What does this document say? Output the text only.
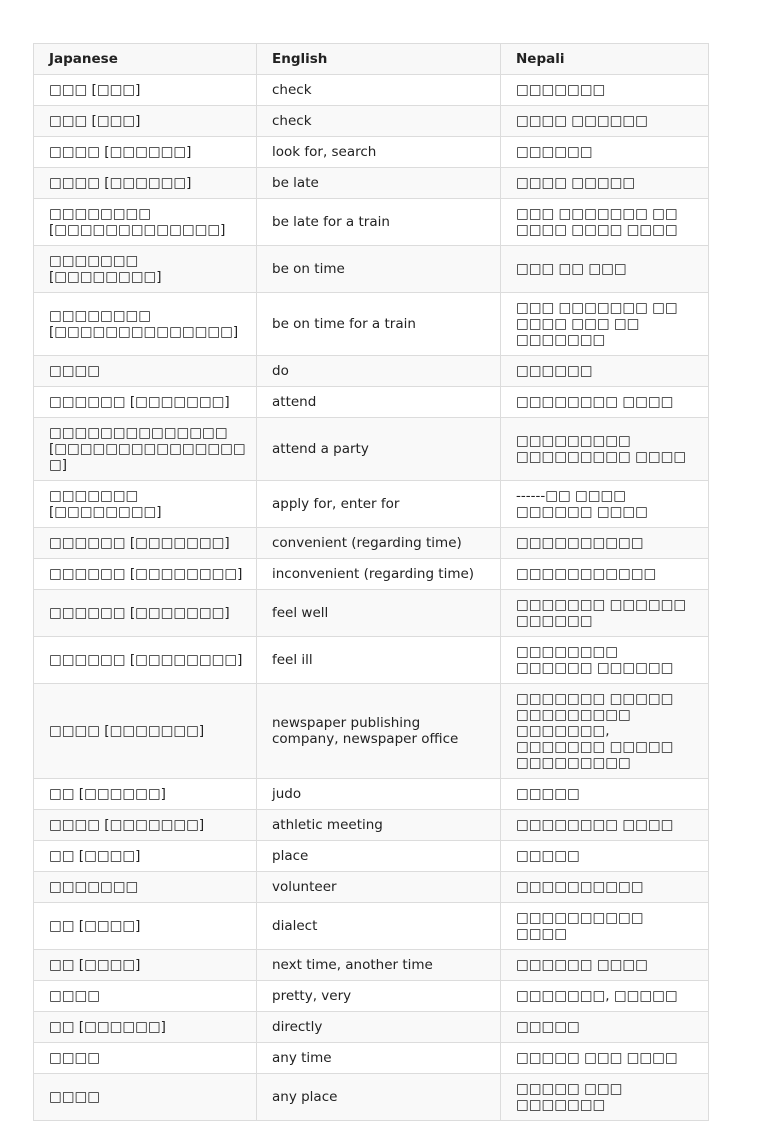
Japanese	English	Nepali
□□□ [□□□]	check	□□□□□□□
□□□ [□□□]	check	□□□□ □□□□□□
□□□□ [□□□□□□]	look for, search	□□□□□□
□□□□ [□□□□□□]	be late	□□□□ □□□□□
□□□□□□□□ [□□□□□□□□□□□□□]	be late for a train	□□□ □□□□□□□ □□ □□□□ □□□□ □□□□
□□□□□□□ [□□□□□□□□]	be on time	□□□ □□ □□□
□□□□□□□□ [□□□□□□□□□□□□□□]	be on time for a train	□□□ □□□□□□□ □□ □□□□ □□□ □□ □□□□□□□
□□□□	do	□□□□□□
□□□□□□ [□□□□□□□]	attend	□□□□□□□□ □□□□
□□□□□□□□□□□□□□ [□□□□□□□□□□□□□□□□]	attend a party	□□□□□□□□□ □□□□□□□□□ □□□□
□□□□□□□ [□□□□□□□□]	apply for, enter for	------□□ □□□□ □□□□□□ □□□□
□□□□□□ [□□□□□□□]	convenient (regarding time)	□□□□□□□□□□
□□□□□□ [□□□□□□□□]	inconvenient (regarding time)	□□□□□□□□□□□
□□□□□□ [□□□□□□□]	feel well	□□□□□□□ □□□□□□ □□□□□□
□□□□□□ [□□□□□□□□]	feel ill	□□□□□□□□ □□□□□□ □□□□□□
□□□□ [□□□□□□□]	newspaper publishing company, newspaper office	□□□□□□□ □□□□□ □□□□□□□□□ □□□□□□□, □□□□□□□ □□□□□ □□□□□□□□□
□□ [□□□□□□]	judo	□□□□□
□□□□ [□□□□□□□]	athletic meeting	□□□□□□□□ □□□□
□□ [□□□□]	place	□□□□□
□□□□□□□	volunteer	□□□□□□□□□□
□□ [□□□□]	dialect	□□□□□□□□□□ □□□□
□□ [□□□□]	next time, another time	□□□□□□ □□□□
□□□□	pretty, very	□□□□□□□, □□□□□
□□ [□□□□□□]	directly	□□□□□
□□□□	any time	□□□□□ □□□ □□□□
□□□□	any place	□□□□□ □□□ □□□□□□□
